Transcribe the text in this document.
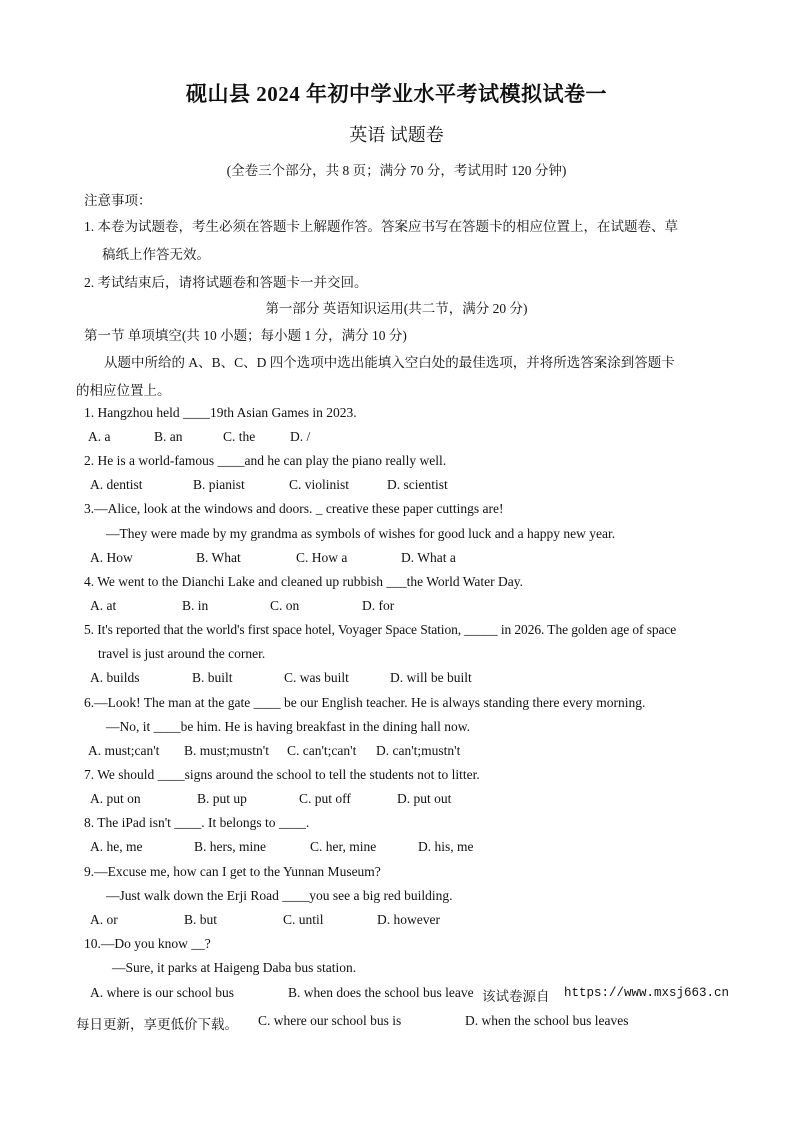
砚山县 2024 年初中学业水平考试模拟试卷一
英语 试题卷
(全卷三个部分，共 8 页；满分 70 分，考试用时 120 分钟)
注意事项：
1. 本卷为试题卷，考生必须在答题卡上解题作答。答案应书写在答题卡的相应位置上，在试题卷、草
稿纸上作答无效。
2. 考试结束后，请将试题卷和答题卡一并交回。
第一部分 英语知识运用(共二节，满分 20 分)
第一节 单项填空(共 10 小题；每小题 1 分，满分 10 分)
从题中所给的 A、B、C、D 四个选项中选出能填入空白处的最佳选项，并将所选答案涂到答题卡
的相应位置上。
1. Hangzhou held ____19th Asian Games in 2023.
A. a	B. an	C. the	D. /
2. He is a world-famous ____and he can play the piano really well.
A. dentist	B. pianist	C. violinist	D. scientist
3.—Alice, look at the windows and doors. _ creative these paper cuttings are!
—They were made by my grandma as symbols of wishes for good luck and a happy new year.
A. How	B. What	C. How a	D. What a
4. We went to the Dianchi Lake and cleaned up rubbish ___the World Water Day.
A. at	B. in	C. on	D. for
5. It's reported that the world's first space hotel, Voyager Space Station, _____ in 2026. The golden age of space
travel is just around the corner.
A. builds	B. built	C. was built	D. will be built
6.—Look! The man at the gate ____ be our English teacher. He is always standing there every morning.
—No, it ____be him. He is having breakfast in the dining hall now.
A. must;can't B. must;mustn't C. can't;can't D. can't;mustn't
7. We should ____signs around the school to tell the students not to litter.
A. put on	B. put up	C. put off	D. put out
8. The iPad isn't ____. It belongs to ____.
A. he, me	B. hers, mine	C. her, mine	D. his, me
9.—Excuse me, how can I get to the Yunnan Museum?
—Just walk down the Erji Road ____you see a big red building.
A. or	B. but	C. until	D. however
10.—Do you know __?
—Sure, it parks at Haigeng Daba bus station.
A. where is our school bus	B. when does the school bus leave 该试卷源自 https://www.mxsj663.cn
每日更新，享更低价下载。 C. where our school bus is	D. when the school bus leaves
